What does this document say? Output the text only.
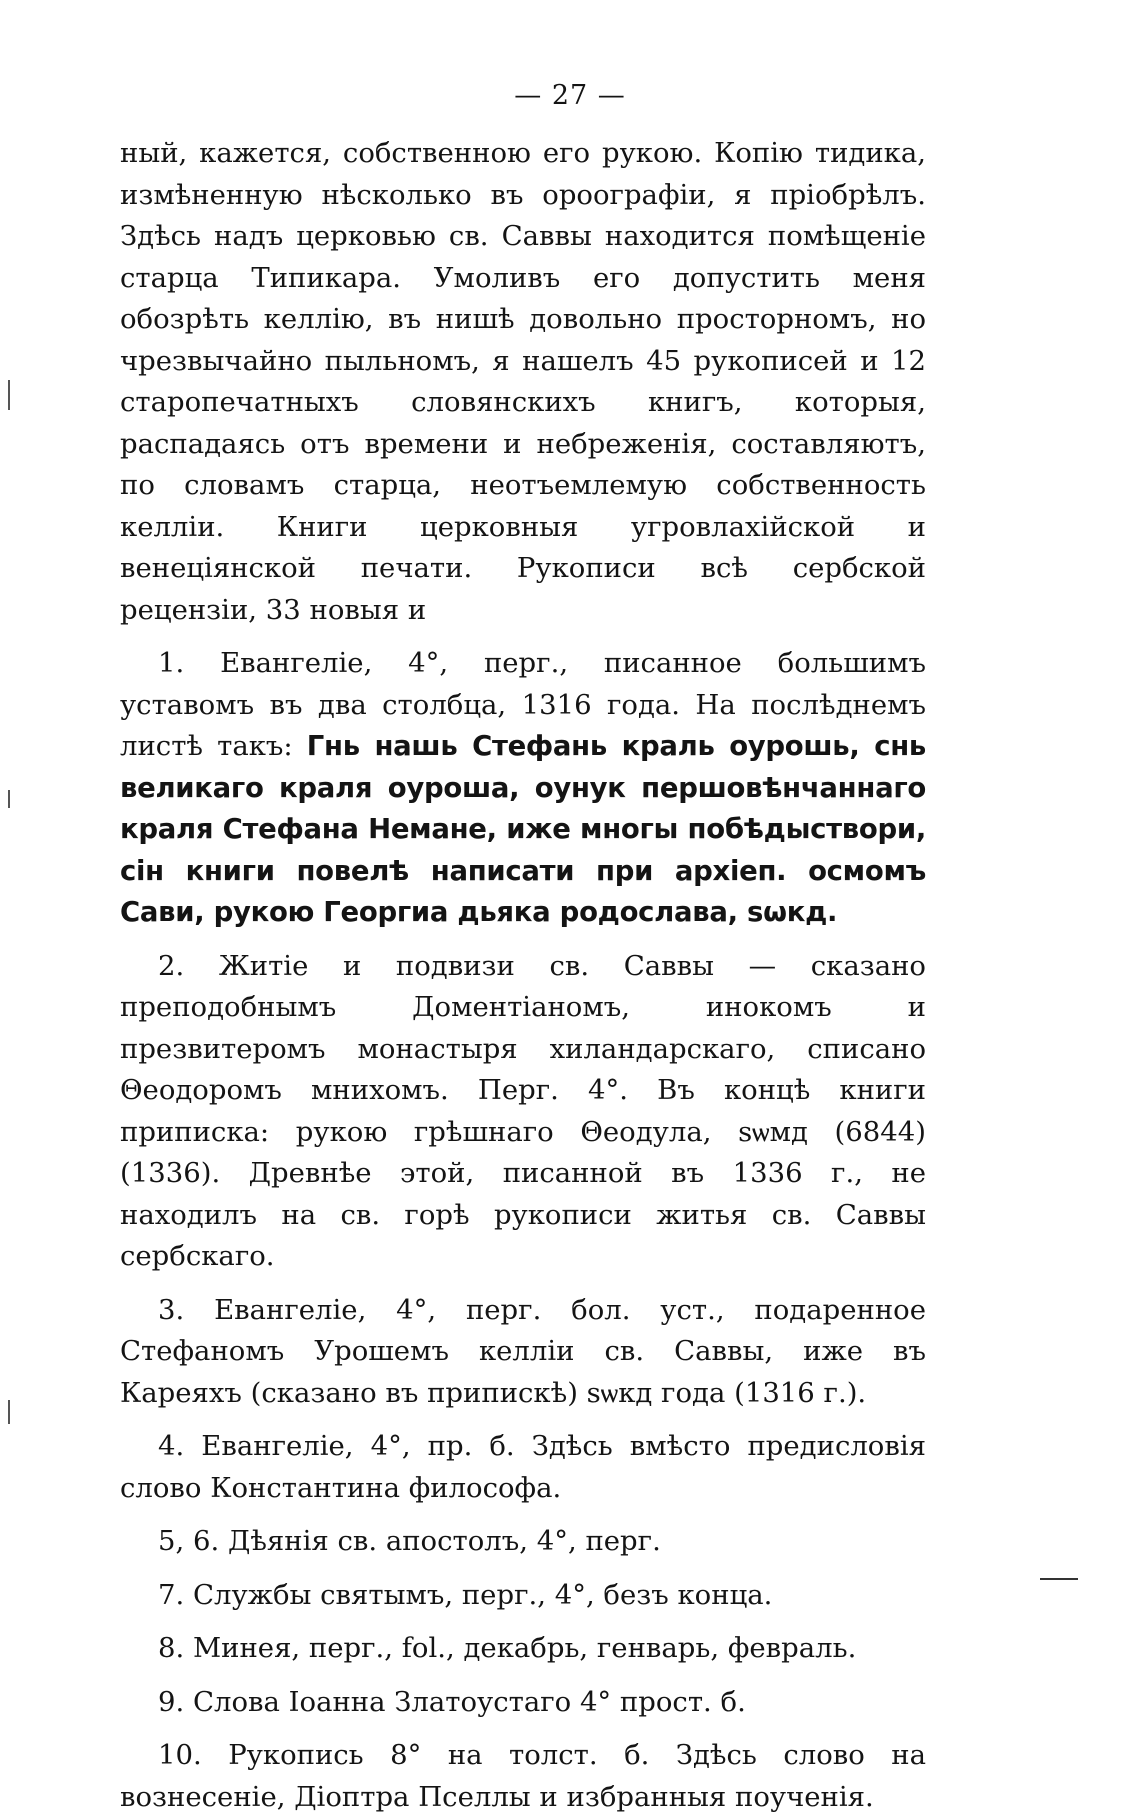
— 27 —

ный, кажется, собственною его рукою. Копію тидика, измѣненную нѣсколько въ ороографіи, я пріобрѣлъ. Здѣсь надъ церковью св. Саввы находится помѣщеніе старца Типикара. Умоливъ его допустить меня обозрѣть келлію, въ нишѣ довольно просторномъ, но чрезвычайно пыльномъ, я нашелъ 45 рукописей и 12 старопечатныхъ словянскихъ книгъ, которыя, распадаясь отъ времени и небреженія, составляютъ, по словамъ старца, неотъемлемую собственность келліи. Книги церковныя угровлахійской и венеціянской печати. Рукописи всѣ сербской рецензіи, 33 новыя и

1. Евангеліе, 4°, перг., писанное большимъ уставомъ въ два столбца, 1316 года. На послѣднемъ листѣ такъ: Гнь нашь Стефань краль оурошь, снь великаго краля оуроша, оунук першовѣнчаннаго краля Стефана Немане, иже многы побѣдыствори, сін книги повелѣ написати при архіеп. осмомъ Сави, рукою Георгиа дьяка родослава, ѕѡкд.

2. Житіе и подвизи св. Саввы — сказано преподобнымъ Доментіаномъ, инокомъ и презвитеромъ монастыря хиландарскаго, списано Θеодоромъ мнихомъ. Перг. 4°. Въ концѣ книги приписка: рукою грѣшнаго Θеодула, ѕѡмд (6844) (1336). Древнѣе этой, писанной въ 1336 г., не находилъ на св. горѣ рукописи житья св. Саввы сербскаго.

3. Евангеліе, 4°, перг. бол. уст., подаренное Стефаномъ Урошемъ келліи св. Саввы, иже въ Кареяхъ (сказано въ припискѣ) ѕѡкд года (1316 г.).

4. Евангеліе, 4°, пр. б. Здѣсь вмѣсто предисловія слово Константина философа.

5, 6. Дѣянія св. апостолъ, 4°, перг.

7. Службы святымъ, перг., 4°, безъ конца.

8. Минея, перг., fol., декабрь, генварь, февраль.

9. Слова Іоанна Златоустаго 4° прост. б.

10. Рукопись 8° на толст. б. Здѣсь слово на вознесеніе, Діоптра Пселлы и избранныя поученія.
